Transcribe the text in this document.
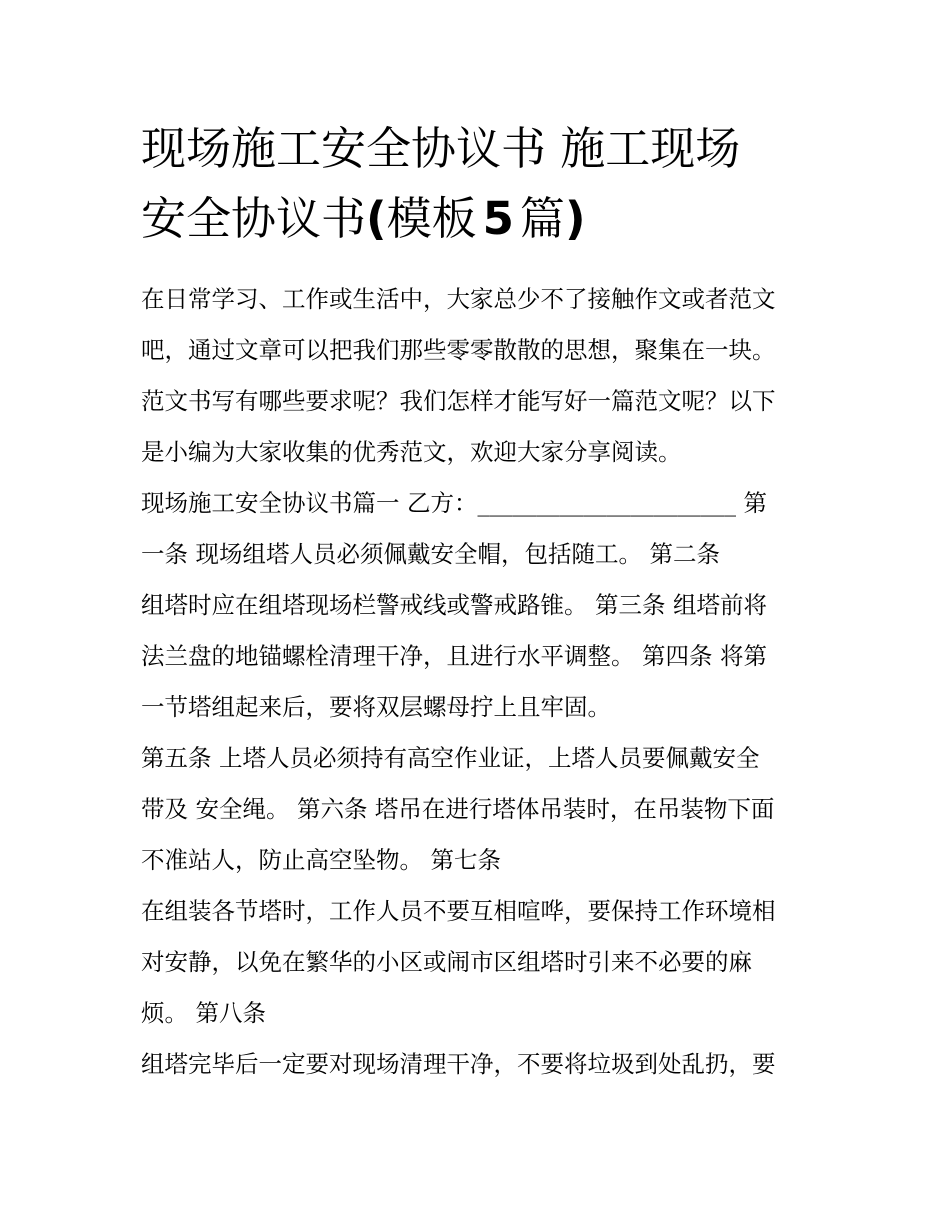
现场施工安全协议书 施工现场
安全协议书(模板 5 篇)

在日常学习、工作或生活中，大家总少不了接触作文或者范文
吧，通过文章可以把我们那些零零散散的思想，聚集在一块。
范文书写有哪些要求呢？我们怎样才能写好一篇范文呢？以下
是小编为大家收集的优秀范文，欢迎大家分享阅读。

现场施工安全协议书篇一 乙方：______________________ 第
一条 现场组塔人员必须佩戴安全帽，包括随工。 第二条
组塔时应在组塔现场栏警戒线或警戒路锥。 第三条 组塔前将
法兰盘的地锚螺栓清理干净，且进行水平调整。 第四条 将第
一节塔组起来后，要将双层螺母拧上且牢固。

第五条 上塔人员必须持有高空作业证，上塔人员要佩戴安全
带及 安全绳。 第六条 塔吊在进行塔体吊装时，在吊装物下面
不准站人，防止高空坠物。 第七条

在组装各节塔时，工作人员不要互相喧哗，要保持工作环境相
对安静，以免在繁华的小区或闹市区组塔时引来不必要的麻
烦。 第八条

组塔完毕后一定要对现场清理干净，不要将垃圾到处乱扔，要
